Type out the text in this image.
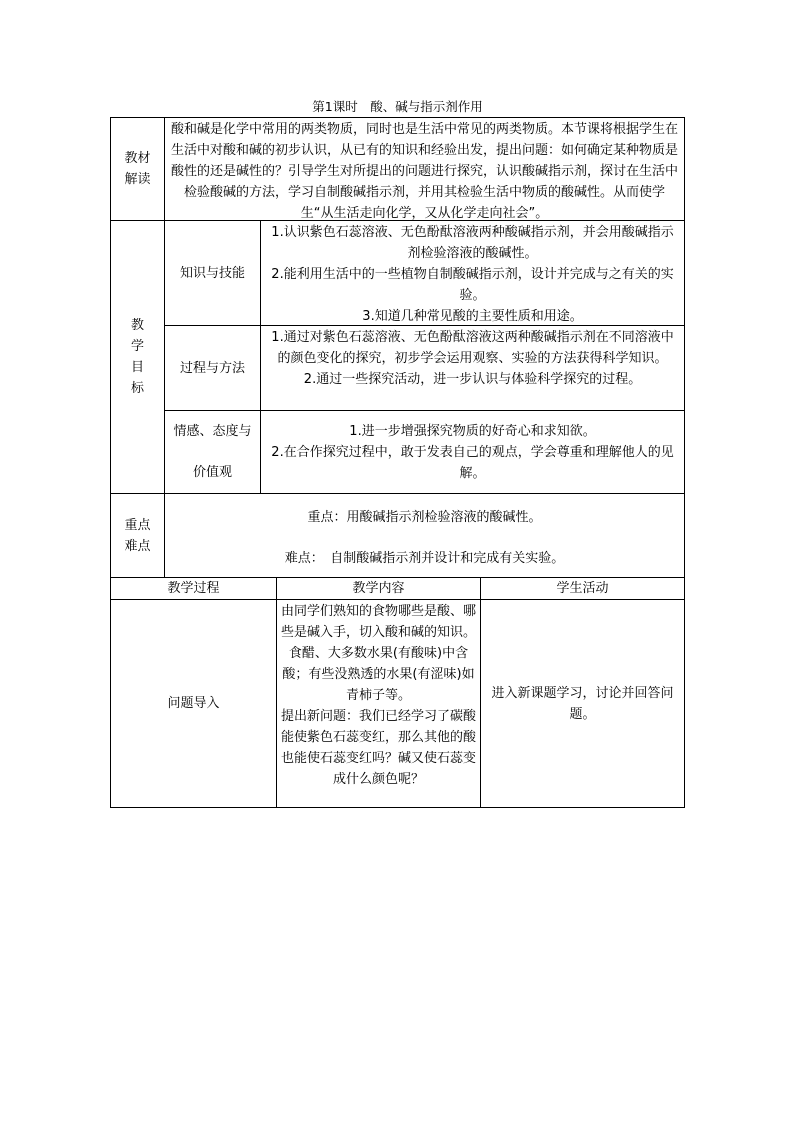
第1课时　酸、碱与指示剂作用
教材解读
酸和碱是化学中常用的两类物质，同时也是生活中常见的两类物质。本节课将根据学生在生活中对酸和碱的初步认识，从已有的知识和经验出发，提出问题：如何确定某种物质是酸性的还是碱性的？引导学生对所提出的问题进行探究，认识酸碱指示剂，探讨在生活中检验酸碱的方法，学习自制酸碱指示剂，并用其检验生活中物质的酸碱性。从而使学生“从生活走向化学，又从化学走向社会”。
教
学
目
标
知识与技能
1.认识紫色石蕊溶液、无色酚酞溶液两种酸碱指示剂，并会用酸碱指示剂检验溶液的酸碱性。
2.能利用生活中的一些植物自制酸碱指示剂，设计并完成与之有关的实验。
3.知道几种常见酸的主要性质和用途。
过程与方法
1.通过对紫色石蕊溶液、无色酚酞溶液这两种酸碱指示剂在不同溶液中的颜色变化的探究，初步学会运用观察、实验的方法获得科学知识。
2.通过一些探究活动，进一步认识与体验科学探究的过程。
情感、态度与
价值观
1.进一步增强探究物质的好奇心和求知欲。
2.在合作探究过程中，敢于发表自己的观点，学会尊重和理解他人的见解。
重点难点
重点：用酸碱指示剂检验溶液的酸碱性。
难点：　 自制酸碱指示剂并设计和完成有关实验。
教学过程	教学内容	学生活动
问题导入
由同学们熟知的食物哪些是酸、哪些是碱入手，切入酸和碱的知识。
食醋、大多数水果(有酸味)中含酸；有些没熟透的水果(有涩味)如青柿子等。
提出新问题：我们已经学习了碳酸能使紫色石蕊变红，那么其他的酸也能使石蕊变红吗？碱又使石蕊变成什么颜色呢？
进入新课题学习，讨论并回答问题。
